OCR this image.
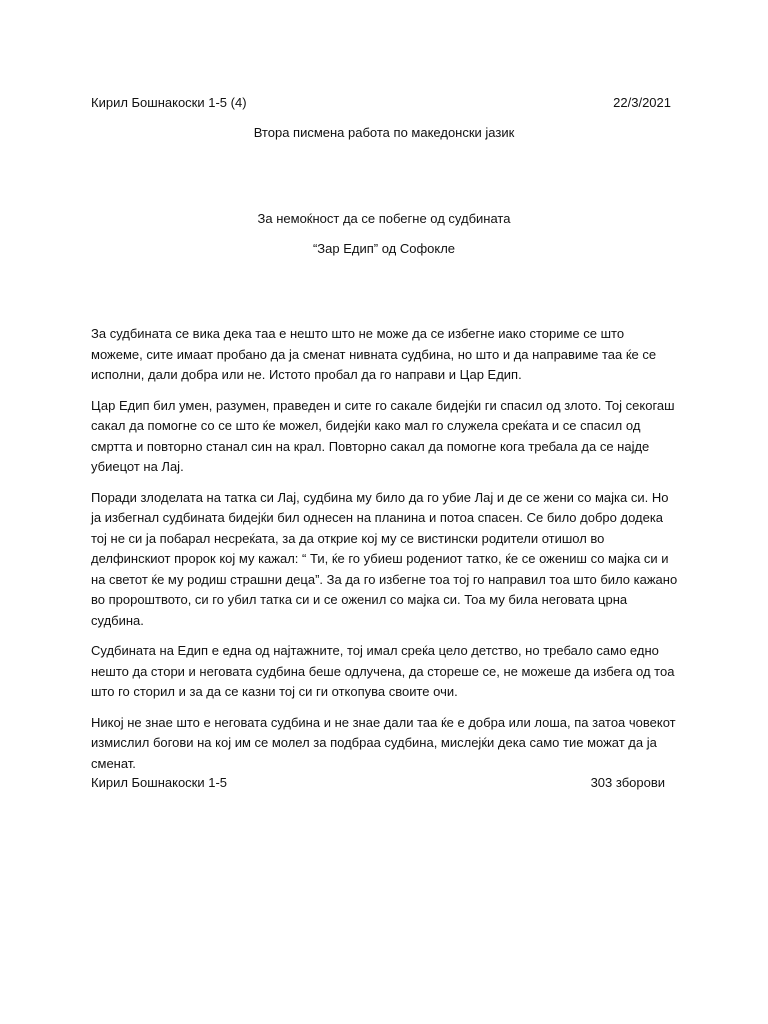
Кирил Бошнакоски 1-5 (4)	22/3/2021
Втора писмена работа по македонски јазик
За немоќност да се побегне од судбината
“Зар Едип” од Софокле

За судбината се вика дека таа е нешто што не може да се избегне иако сториме се што можеме, сите имаат пробано да ја сменат нивната судбина, но што и да направиме таа ќе се исполни, дали добра или не. Истото пробал да го направи и Цар Едип.

Цар Едип бил умен, разумен, праведен и сите го сакале бидејќи ги спасил од злото. Тој секогаш сакал да помогне со се што ќе можел, бидејќи како мал го служела среќата и се спасил од смртта и повторно станал син на крал. Повторно сакал да помогне кога требала да се најде убиецот на Лај.

Поради злоделата на татка си Лај, судбина му било да го убие Лај и де се жени со мајка си. Но ја избегнал судбината бидејќи бил однесен на планина и потоа спасен. Се било добро додека тој не си ја побарал несреќата, за да открие кој му се вистински родители отишол во делфинскиот пророк кој му кажал: “ Ти, ќе го убиеш родениот татко, ќе се ожениш со мајка си и на светот ќе му родиш страшни деца”. За да го избегне тоа тој го направил тоа што било кажано во пророштвото, си го убил татка си и се оженил со мајка си. Тоа му била неговата црна судбина.

Судбината на Едип е една од најтажните, тој имал среќа цело детство, но требало само едно нешто да стори и неговата судбина беше одлучена, да стореше се, не можеше да избега од тоа што го сторил и за да се казни тој си ги откопува своите очи.

Никој не знае што е неговата судбина и не знае дали таа ќе е добра или лоша, па затоа човекот измислил богови на кој им се молел за подбраа судбина, мислејќи дека само тие можат да ја сменат.

Кирил Бошнакоски 1-5	303 зборови
